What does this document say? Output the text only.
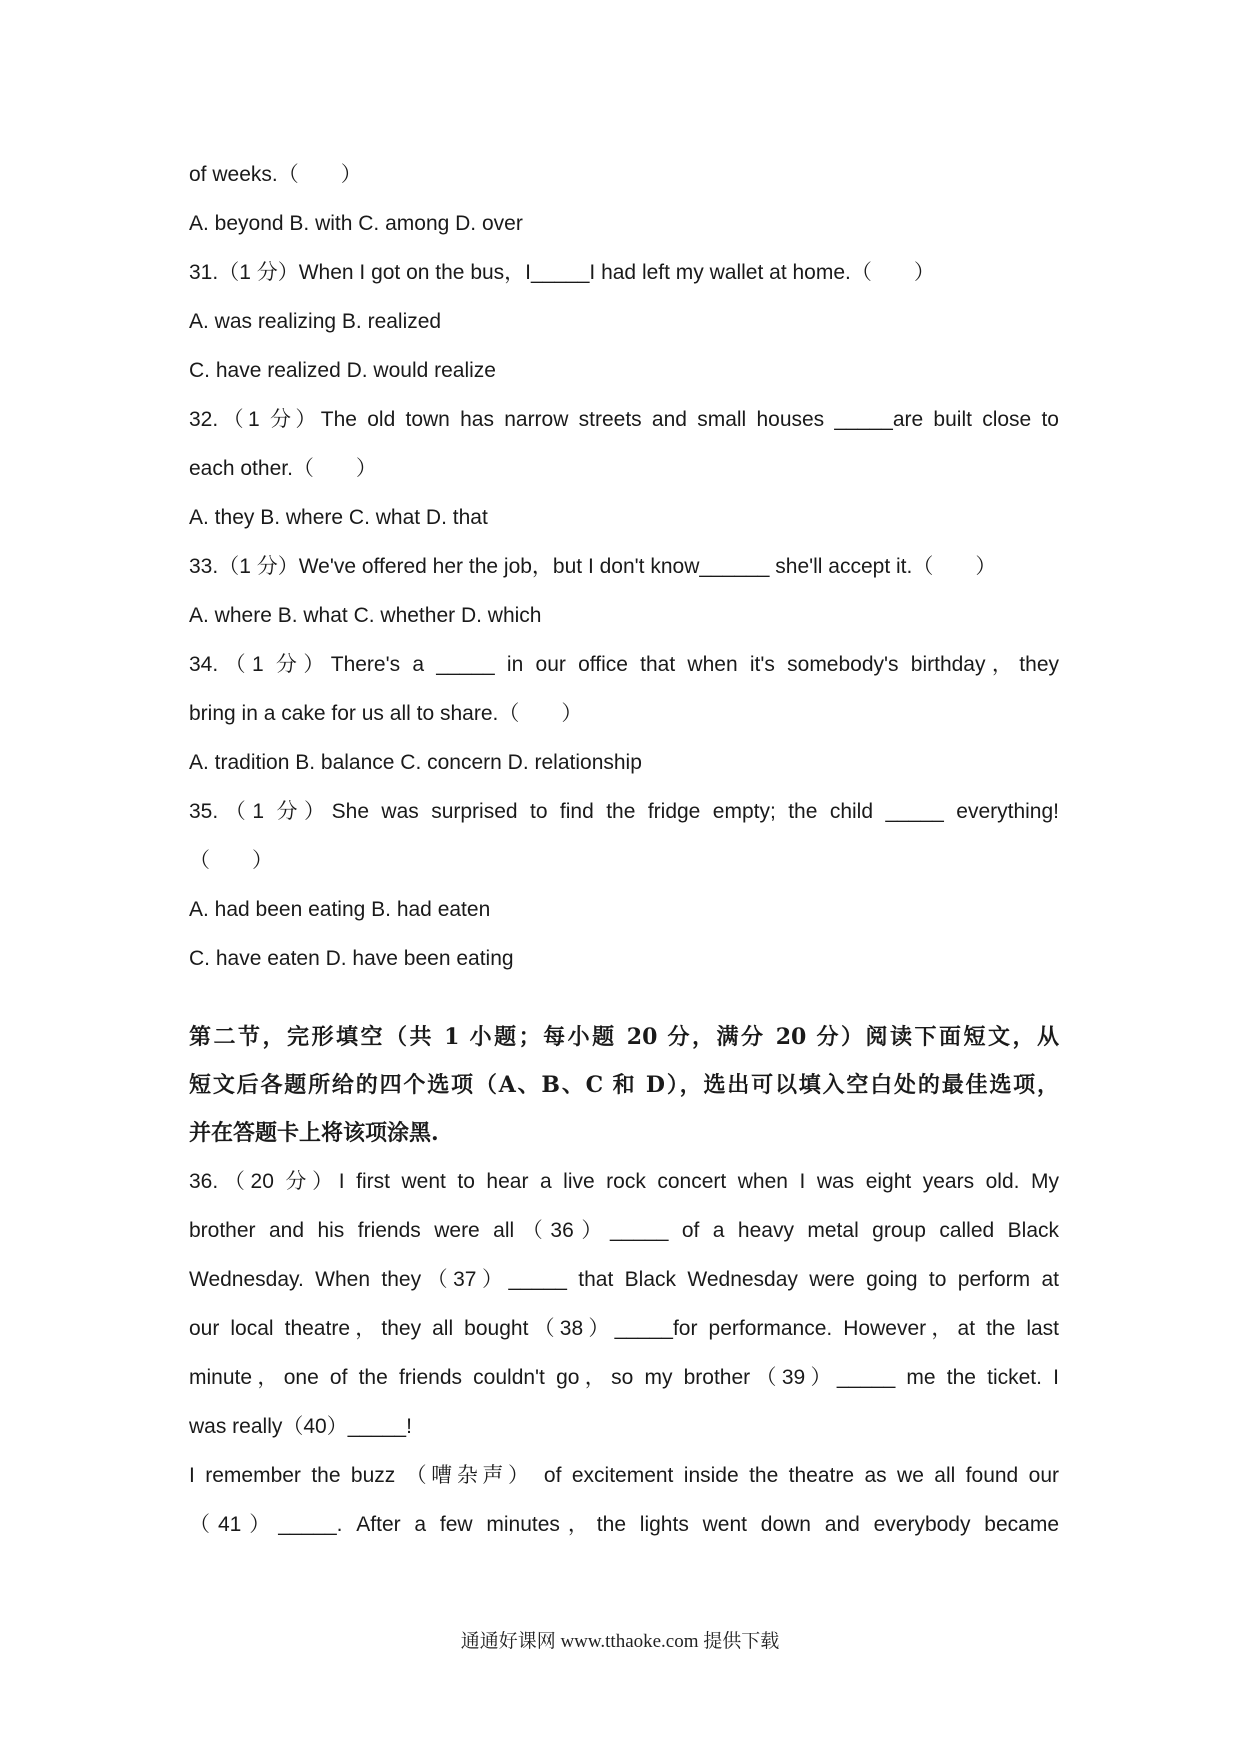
of weeks.（　　）
A. beyond B. with C. among D. over
31.（1 分）When I got on the bus，I_____I had left my wallet at home.（　　）
A. was realizing B. realized
C. have realized D. would realize
32.（1 分）The old town has narrow streets and small houses _____are built close to
each other.（　　）
A. they B. where C. what D. that
33.（1 分）We've offered her the job，but I don't know______ she'll accept it.（　　）
A. where B. what C. whether D. which
34.（1 分）There's a _____ in our office that when it's somebody's birthday，they
bring in a cake for us all to share.（　　）
A. tradition B. balance C. concern D. relationship
35.（1 分）She was surprised to find the fridge empty; the child _____ everything!
（　　）
A. had been eating B. had eaten
C. have eaten D. have been eating
第二节，完形填空（共 1 小题；每小题 20 分，满分 20 分）阅读下面短文，从
短文后各题所给的四个选项（A、B、C 和 D），选出可以填入空白处的最佳选项，
并在答题卡上将该项涂黑.
36.（20 分）I first went to hear a live rock concert when I was eight years old. My
brother and his friends were all（36）_____ of a heavy metal group called Black
Wednesday. When they（37）_____ that Black Wednesday were going to perform at
our local theatre，they all bought（38）_____for performance. However，at the last
minute，one of the friends couldn't go，so my brother（39）_____ me the ticket. I
was really（40）_____!
I remember the buzz （嘈杂声） of excitement inside the theatre as we all found our
（41）_____. After a few minutes，the lights went down and everybody became
通通好课网 www.tthaoke.com 提供下载
